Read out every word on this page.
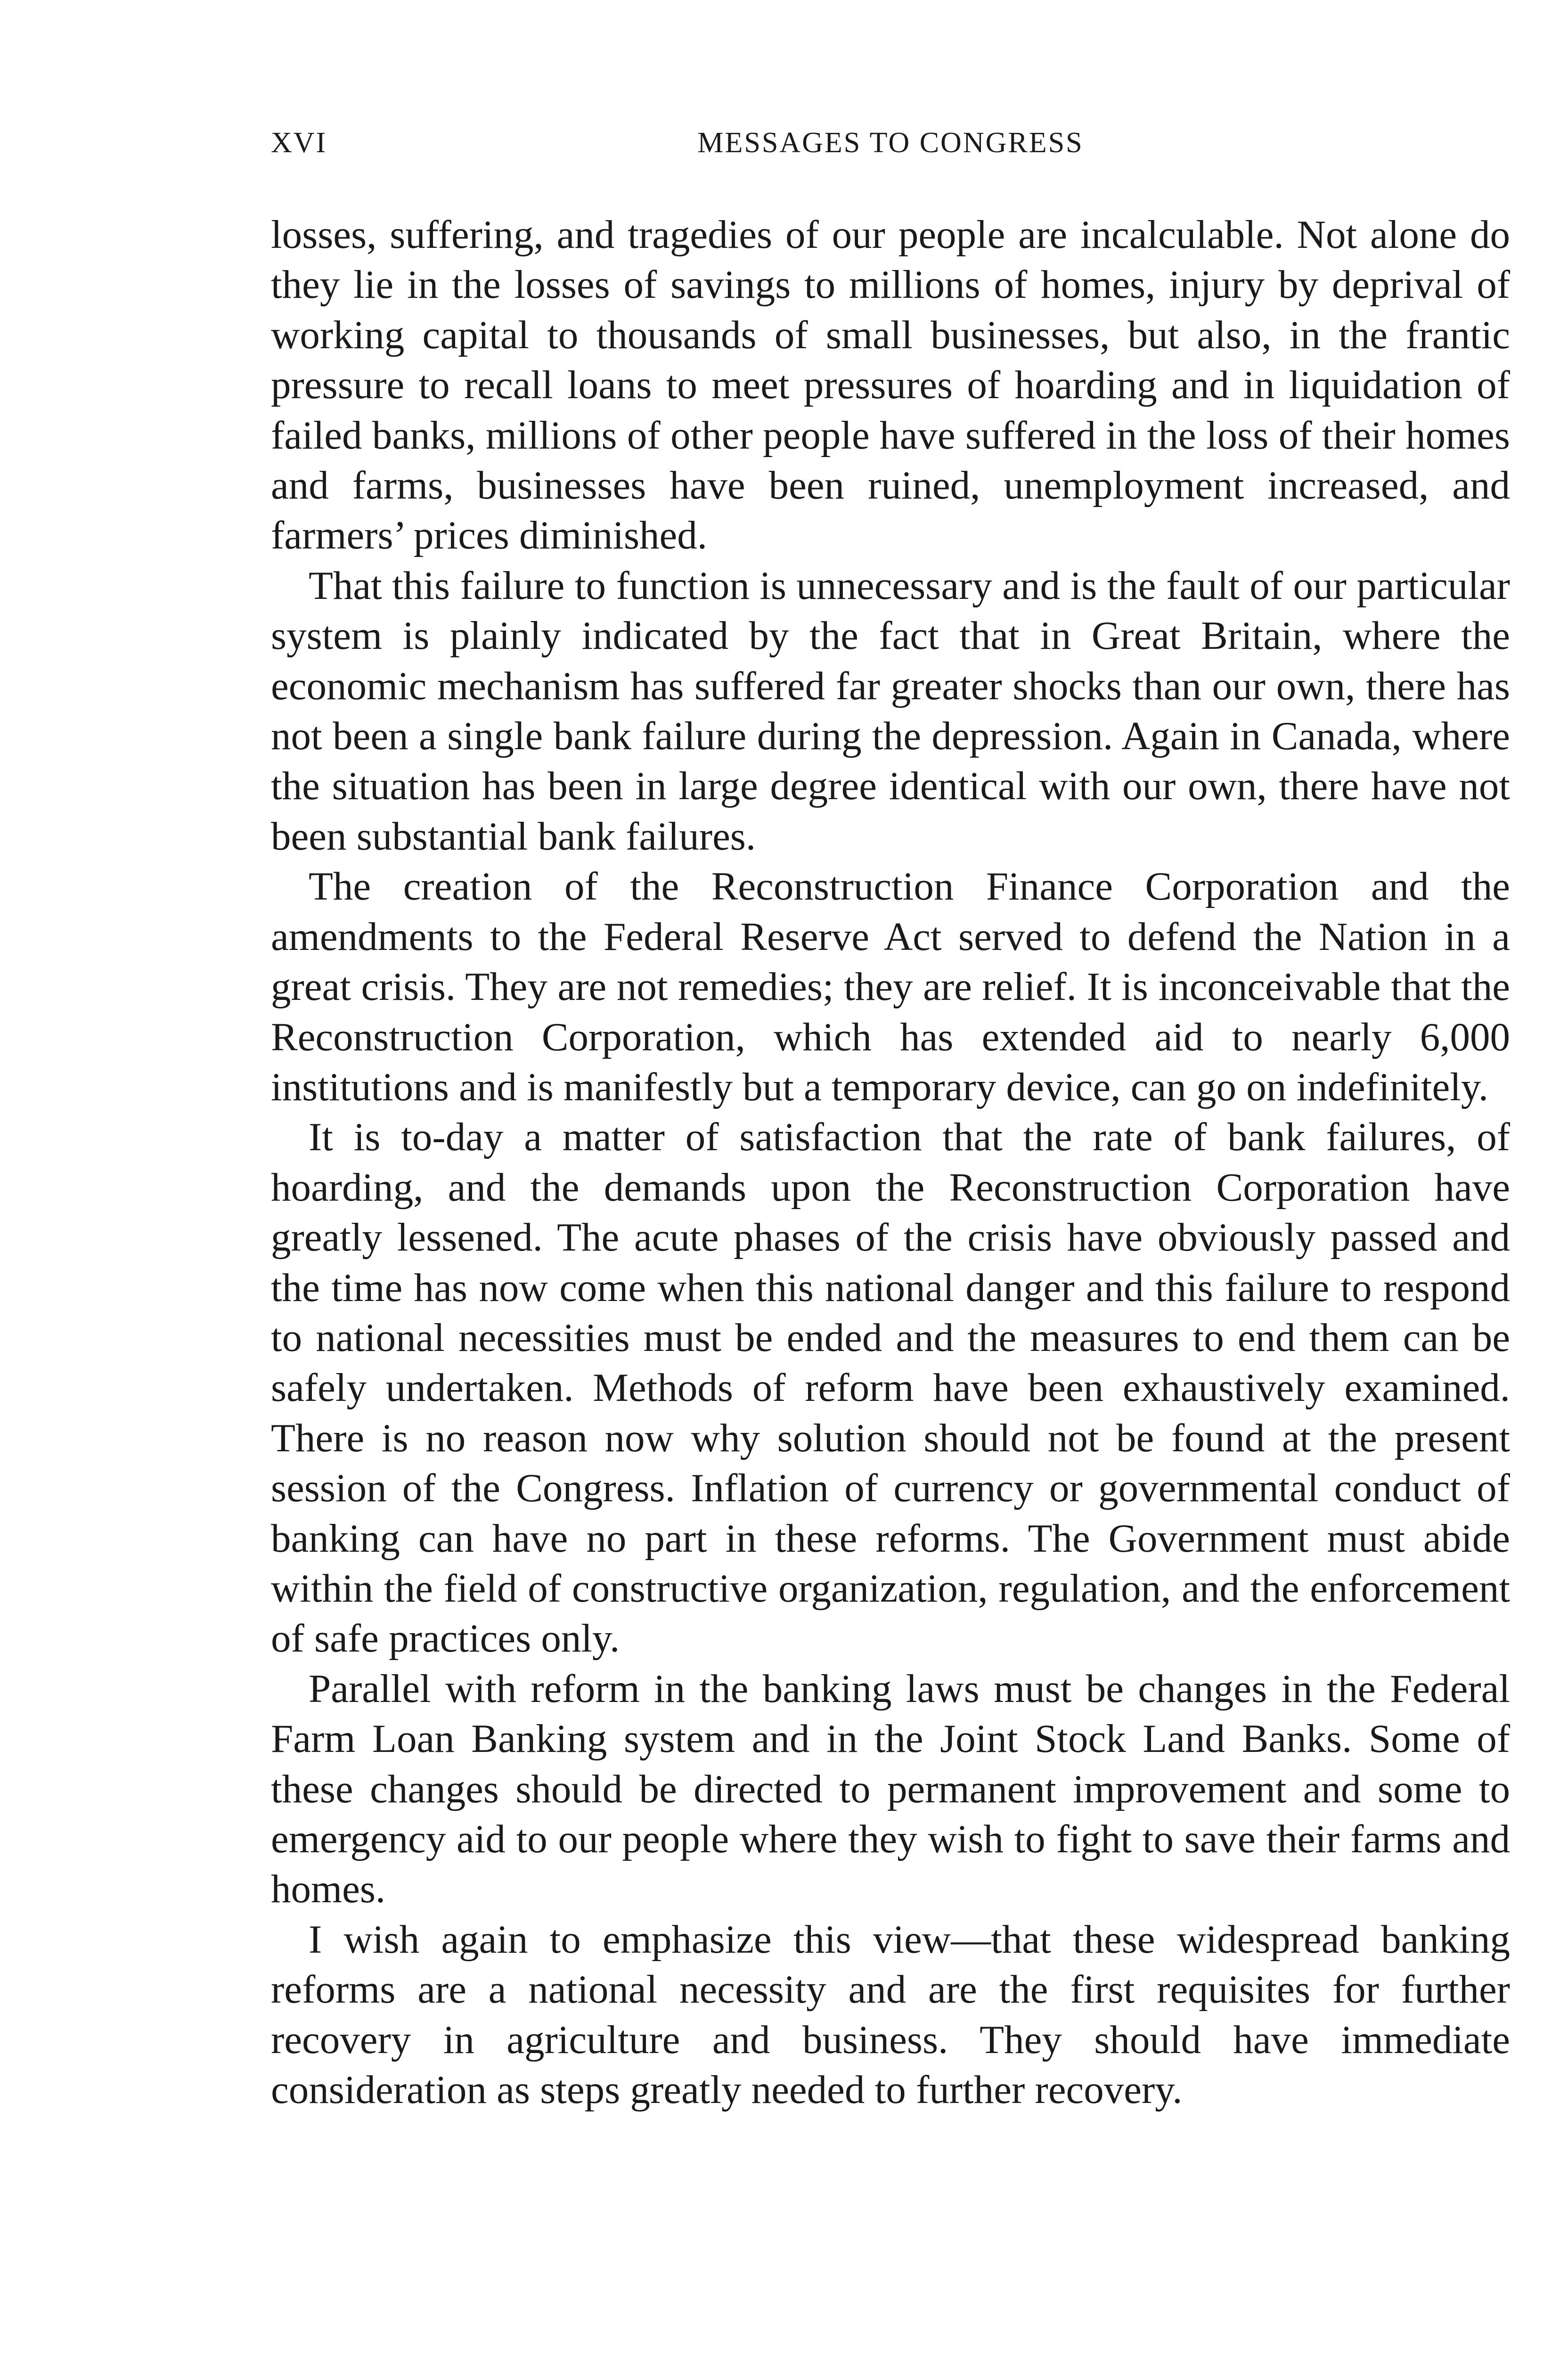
XVI	MESSAGES TO CONGRESS

losses, suffering, and tragedies of our people are incalculable. Not alone do they lie in the losses of savings to millions of homes, injury by deprival of working capital to thousands of small businesses, but also, in the frantic pressure to recall loans to meet pressures of hoarding and in liquidation of failed banks, millions of other people have suffered in the loss of their homes and farms, businesses have been ruined, unemployment increased, and farmers’ prices diminished.

That this failure to function is unnecessary and is the fault of our particular system is plainly indicated by the fact that in Great Britain, where the economic mechanism has suffered far greater shocks than our own, there has not been a single bank failure during the depression. Again in Canada, where the situation has been in large degree identical with our own, there have not been substantial bank failures.

The creation of the Reconstruction Finance Corporation and the amendments to the Federal Reserve Act served to defend the Nation in a great crisis. They are not remedies; they are relief. It is inconceivable that the Reconstruction Corporation, which has extended aid to nearly 6,000 institutions and is manifestly but a temporary device, can go on indefinitely.

It is to-day a matter of satisfaction that the rate of bank failures, of hoarding, and the demands upon the Reconstruction Corporation have greatly lessened. The acute phases of the crisis have obviously passed and the time has now come when this national danger and this failure to respond to national necessities must be ended and the measures to end them can be safely undertaken. Methods of reform have been exhaustively examined. There is no reason now why solution should not be found at the present session of the Congress. Inflation of currency or governmental conduct of banking can have no part in these reforms. The Government must abide within the field of constructive organization, regulation, and the enforcement of safe practices only.

Parallel with reform in the banking laws must be changes in the Federal Farm Loan Banking system and in the Joint Stock Land Banks. Some of these changes should be directed to permanent improvement and some to emergency aid to our people where they wish to fight to save their farms and homes.

I wish again to emphasize this view—that these widespread banking reforms are a national necessity and are the first requisites for further recovery in agriculture and business. They should have immediate consideration as steps greatly needed to further recovery.
